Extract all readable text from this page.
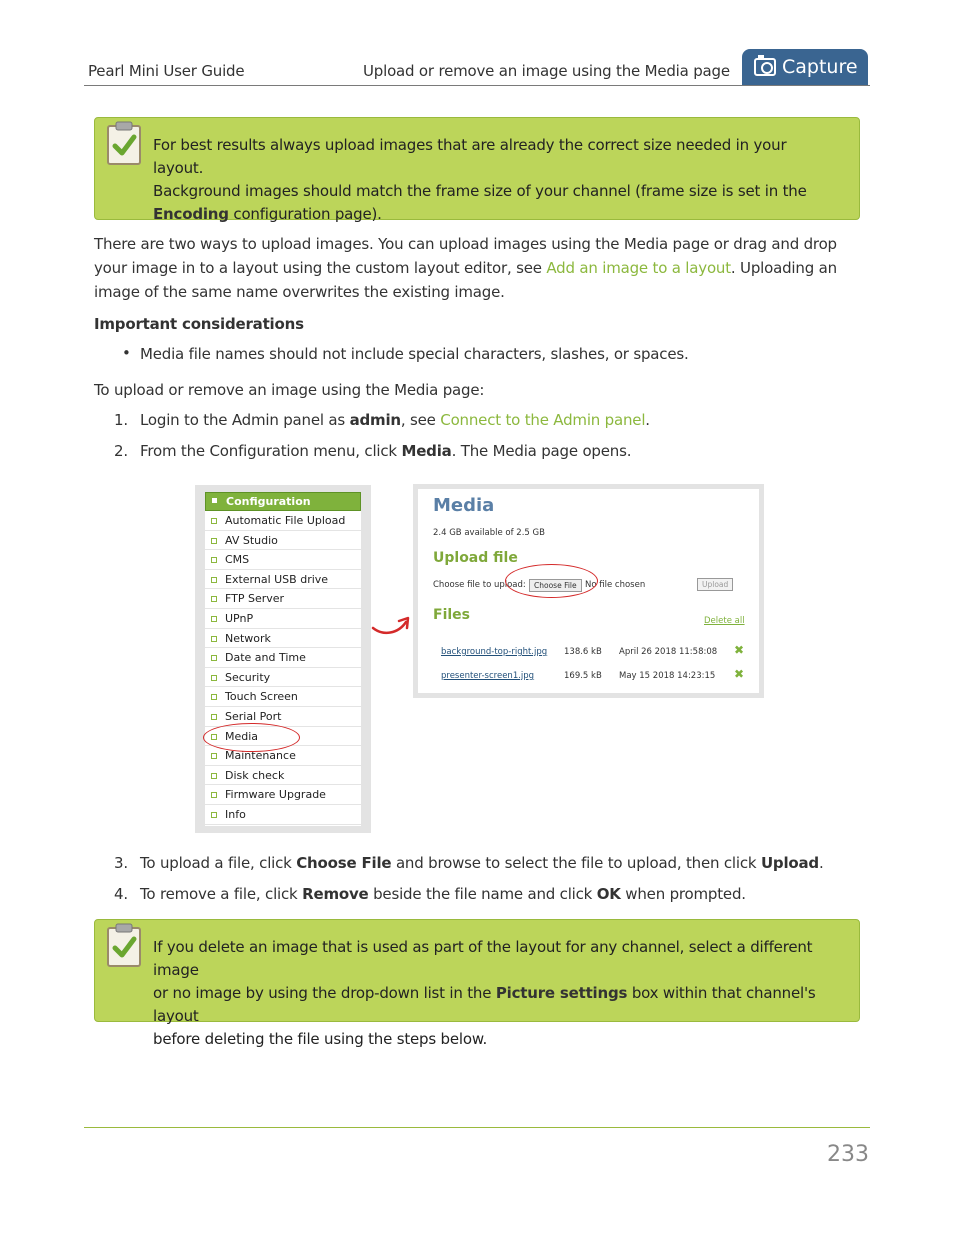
Pearl Mini User Guide	Upload or remove an image using the Media page	Capture
For best results always upload images that are already the correct size needed in your layout.
Background images should match the frame size of your channel (frame size is set in the
Encoding configuration page).
There are two ways to upload images. You can upload images using the Media page or drag and drop your image in to a layout using the custom layout editor, see Add an image to a layout. Uploading an image of the same name overwrites the existing image.
Important considerations
• Media file names should not include special characters, slashes, or spaces.
To upload or remove an image using the Media page:
1. Login to the Admin panel as admin, see Connect to the Admin panel.
2. From the Configuration menu, click Media. The Media page opens.
Configuration
Automatic File Upload
AV Studio
CMS
External USB drive
FTP Server
UPnP
Network
Date and Time
Security
Touch Screen
Serial Port
Media
Maintenance
Disk check
Firmware Upgrade
Info
Media
2.4 GB available of 2.5 GB
Upload file
Choose file to upload:	Choose File No file chosen	Upload
Files	Delete all
background-top-right.jpg 138.6 kB April 26 2018 11:58:08 ✖
presenter-screen1.jpg	169.5 kB May 15 2018 14:23:15 ✖
3. To upload a file, click Choose File and browse to select the file to upload, then click Upload.
4. To remove a file, click Remove beside the file name and click OK when prompted.
If you delete an image that is used as part of the layout for any channel, select a different image
or no image by using the drop-down list in the Picture settings box within that channel's layout
before deleting the file using the steps below.
233
